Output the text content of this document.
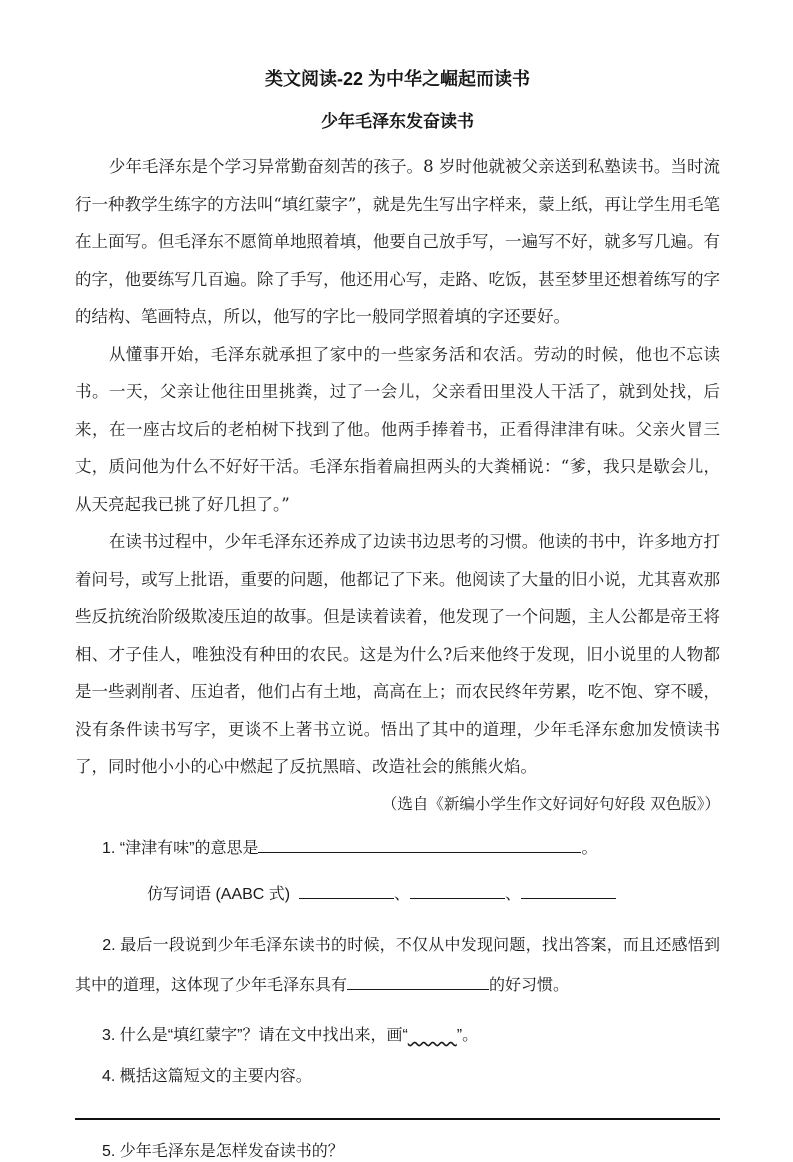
类文阅读-22 为中华之崛起而读书
少年毛泽东发奋读书

少年毛泽东是个学习异常勤奋刻苦的孩子。8 岁时他就被父亲送到私塾读书。当时流行一种教学生练字的方法叫“填红蒙字”，就是先生写出字样来，蒙上纸，再让学生用毛笔在上面写。但毛泽东不愿简单地照着填，他要自己放手写，一遍写不好，就多写几遍。有的字，他要练写几百遍。除了手写，他还用心写，走路、吃饭，甚至梦里还想着练写的字的结构、笔画特点，所以，他写的字比一般同学照着填的字还要好。

从懂事开始，毛泽东就承担了家中的一些家务活和农活。劳动的时候，他也不忘读书。一天，父亲让他往田里挑粪，过了一会儿，父亲看田里没人干活了，就到处找，后来，在一座古坟后的老柏树下找到了他。他两手捧着书，正看得津津有味。父亲火冒三丈，质问他为什么不好好干活。毛泽东指着扁担两头的大粪桶说：“爹，我只是歇会儿，从天亮起我已挑了好几担了。”

在读书过程中，少年毛泽东还养成了边读书边思考的习惯。他读的书中，许多地方打着问号，或写上批语，重要的问题，他都记了下来。他阅读了大量的旧小说，尤其喜欢那些反抗统治阶级欺凌压迫的故事。但是读着读着，他发现了一个问题，主人公都是帝王将相、才子佳人，唯独没有种田的农民。这是为什么?后来他终于发现，旧小说里的人物都是一些剥削者、压迫者，他们占有土地，高高在上；而农民终年劳累，吃不饱、穿不暖，没有条件读书写字，更谈不上著书立说。悟出了其中的道理，少年毛泽东愈加发愤读书了，同时他小小的心中燃起了反抗黑暗、改造社会的熊熊火焰。

（选自《新编小学生作文好词好句好段 双色版》）

1. “津津有味”的意思是	。

仿写词语 (AABC 式)	、	、

2. 最后一段说到少年毛泽东读书的时候，不仅从中发现问题，找出答案，而且还感悟到其中的道理，这体现了少年毛泽东具有	的好习惯。

3. 什么是“填红蒙字”？请在文中找出来，画“	”。

4. 概括这篇短文的主要内容。

5. 少年毛泽东是怎样发奋读书的？
